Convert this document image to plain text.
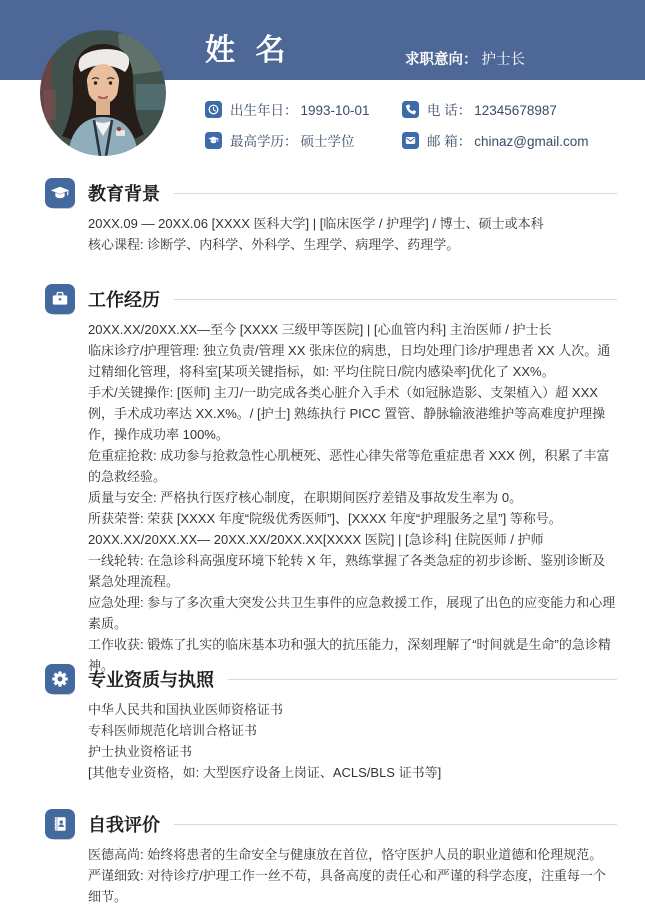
姓 名	求职意向： 护士长
出生年日： 1993-10-01	电 话： 12345678987
最高学历： 硕士学位	邮 箱： chinaz@gmail.com
教育背景

20XX.09 — 20XX.06 [XXXX 医科大学] | [临床医学 / 护理学] / 博士、硕士或本科

核心课程: 诊断学、内科学、外科学、生理学、病理学、药理学。

工作经历

20XX.XX/20XX.XX—至今 [XXXX 三级甲等医院] | [心血管内科] 主治医师 / 护士长

临床诊疗/护理管理: 独立负责/管理 XX 张床位的病患，日均处理门诊/护理患者 XX 人次。通过精细化管理，将科室[某项关键指标，如: 平均住院日/院内感染率]优化了 XX%。

手术/关键操作: [医师] 主刀/一助完成各类心脏介入手术（如冠脉造影、支架植入）超 XXX 例，手术成功率达 XX.X%。/ [护士] 熟练执行 PICC 置管、静脉输液港维护等高难度护理操作，操作成功率 100%。

危重症抢救: 成功参与抢救急性心肌梗死、恶性心律失常等危重症患者 XXX 例，积累了丰富的急救经验。

质量与安全: 严格执行医疗核心制度，在职期间医疗差错及事故发生率为 0。

所获荣誉: 荣获 [XXXX 年度“院级优秀医师”]、[XXXX 年度“护理服务之星”] 等称号。

20XX.XX/20XX.XX— 20XX.XX/20XX.XX[XXXX 医院] | [急诊科] 住院医师 / 护师

一线轮转: 在急诊科高强度环境下轮转 X 年，熟练掌握了各类急症的初步诊断、鉴别诊断及紧急处理流程。

应急处理: 参与了多次重大突发公共卫生事件的应急救援工作，展现了出色的应变能力和心理素质。

工作收获: 锻炼了扎实的临床基本功和强大的抗压能力，深刻理解了“时间就是生命”的急诊精神。

专业资质与执照

中华人民共和国执业医师资格证书

专科医师规范化培训合格证书

护士执业资格证书

[其他专业资格，如: 大型医疗设备上岗证、ACLS/BLS 证书等]

自我评价

医德高尚: 始终将患者的生命安全与健康放在首位，恪守医护人员的职业道德和伦理规范。

严谨细致: 对待诊疗/护理工作一丝不苟，具备高度的责任心和严谨的科学态度，注重每一个细节。
